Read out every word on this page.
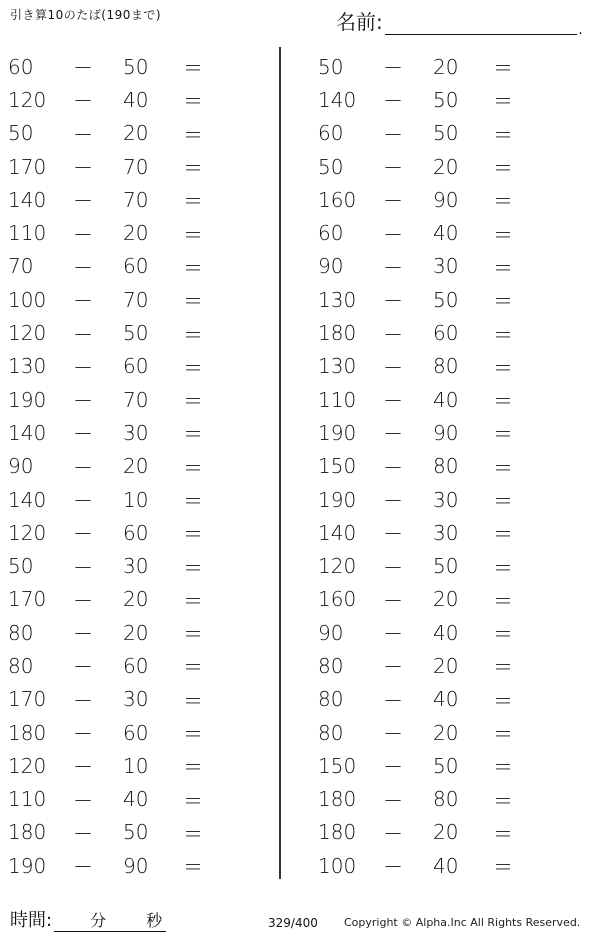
引き算10のたば(190まで)	名前:	.
60	－	50	＝
120	－	40	＝
50	－	20	＝
170	－	70	＝
140	－	70	＝
110	－	20	＝
70	－	60	＝
100	－	70	＝
120	－	50	＝
130	－	60	＝
190	－	70	＝
140	－	30	＝
90	－	20	＝
140	－	10	＝
120	－	60	＝
50	－	30	＝
170	－	20	＝
80	－	20	＝
80	－	60	＝
170	－	30	＝
180	－	60	＝
120	－	10	＝
110	－	40	＝
180	－	50	＝
190	－	90	＝
50	－	20	＝
140	－	50	＝
60	－	50	＝
50	－	20	＝
160	－	90	＝
60	－	40	＝
90	－	30	＝
130	－	50	＝
180	－	60	＝
130	－	80	＝
110	－	40	＝
190	－	90	＝
150	－	80	＝
190	－	30	＝
140	－	30	＝
120	－	50	＝
160	－	20	＝
90	－	40	＝
80	－	20	＝
80	－	40	＝
80	－	20	＝
150	－	50	＝
180	－	80	＝
180	－	20	＝
100	－	40	＝
時間: 分 秒	329/400 Copyright © Alpha.Inc All Rights Reserved.
